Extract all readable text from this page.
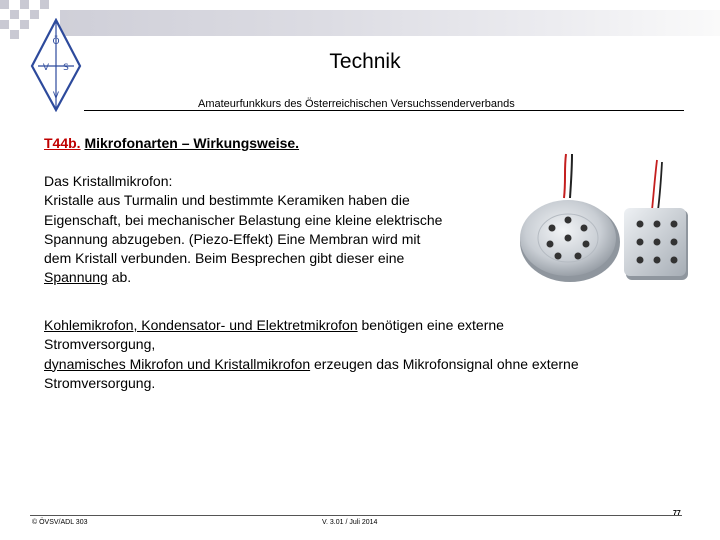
Ö
V S
V
Technik
Amateurfunkkurs des Österreichischen Versuchssenderverbands
T44b. Mikrofonarten – Wirkungsweise.

Das Kristallmikrofon:

Kristalle aus Turmalin und bestimmte Keramiken haben die

Eigenschaft, bei mechanischer Belastung eine kleine elektrische

Spannung abzugeben. (Piezo-Effekt) Eine Membran wird mit

dem Kristall verbunden. Beim Besprechen gibt dieser eine

Spannung ab.

Kohlemikrofon, Kondensator- und Elektretmikrofon benötigen eine externe

Stromversorgung,

dynamisches Mikrofon und Kristallmikrofon erzeugen das Mikrofonsignal ohne externe

Stromversorgung.

© ÖVSV/ADL 303	V. 3.01 / Juli 2014
77
